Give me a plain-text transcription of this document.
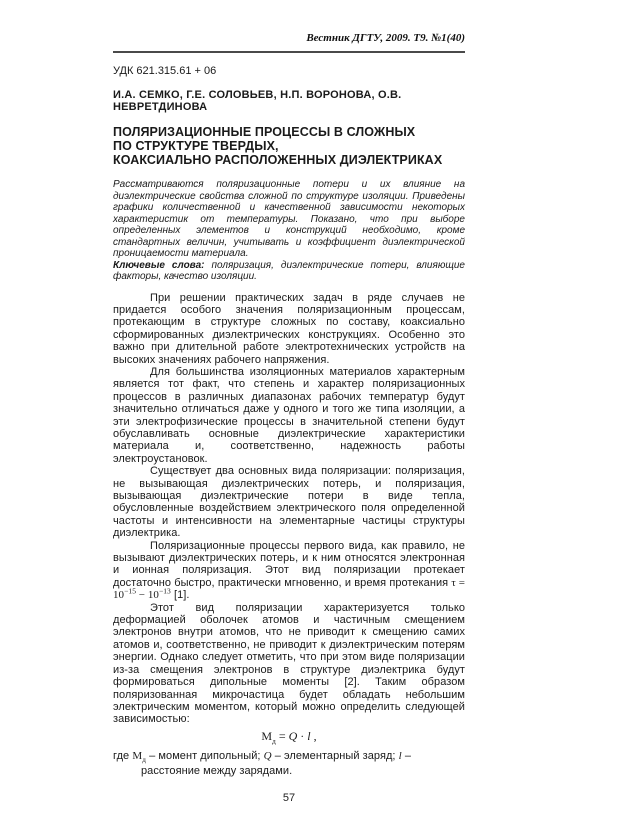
Вестник ДГТУ, 2009. Т9. №1(40)
УДК 621.315.61 + 06
И.А. СЕМКО, Г.Е. СОЛОВЬЕВ, Н.П. ВОРОНОВА, О.В. НЕВРЕТДИНОВА
ПОЛЯРИЗАЦИОННЫЕ ПРОЦЕССЫ В СЛОЖНЫХ
ПО СТРУКТУРЕ ТВЕРДЫХ,
КОАКСИАЛЬНО РАСПОЛОЖЕННЫХ ДИЭЛЕКТРИКАХ
Рассматриваются поляризационные потери и их влияние на диэлектрические свойства сложной по структуре изоляции. Приведены графики количественной и качественной зависимости некоторых характеристик от температуры. Показано, что при выборе определенных элементов и конструкций необходимо, кроме стандартных величин, учитывать и коэффициент диэлектрической проницаемости материала.
Ключевые слова: поляризация, диэлектрические потери, влияющие факторы, качество изоляции.

При решении практических задач в ряде случаев не придается особого значения поляризационным процессам, протекающим в структуре сложных по составу, коаксиально сформированных диэлектрических конструкциях. Особенно это важно при длительной работе электротехнических устройств на высоких значениях рабочего напряжения.

Для большинства изоляционных материалов характерным является тот факт, что степень и характер поляризационных процессов в различных диапазонах рабочих температур будут значительно отличаться даже у одного и того же типа изоляции, а эти электрофизические процессы в значительной степени будут обуславливать основные диэлектрические характеристики материала и, соответственно, надежность работы электроустановок.

Существует два основных вида поляризации: поляризация, не вызывающая диэлектрических потерь, и поляризация, вызывающая диэлектрические потери в виде тепла, обусловленные воздействием электрического поля определенной частоты и интенсивности на элементарные частицы структуры диэлектрика.

Поляризационные процессы первого вида, как правило, не вызывают диэлектрических потерь, и к ним относятся электронная и ионная поляризация. Этот вид поляризации протекает достаточно быстро, практически мгновенно, и время протекания $\tau = 10^{-15} - 10^{-13}$ [1].

Этот вид поляризации характеризуется только деформацией оболочек атомов и частичным смещением электронов внутри атомов, что не приводит к смещению самих атомов и, соответственно, не приводит к диэлектрическим потерям энергии. Однако следует отметить, что при этом виде поляризации из-за смещения электронов в структуре диэлектрика будут формироваться дипольные моменты [2]. Таким образом поляризованная микрочастица будет обладать небольшим электрическим моментом, который можно определить следующей зависимостью:

$М_д = Q \cdot l$ ,
где $М_д$ – момент дипольный; Q – элементарный заряд; l – расстояние между зарядами.
57
